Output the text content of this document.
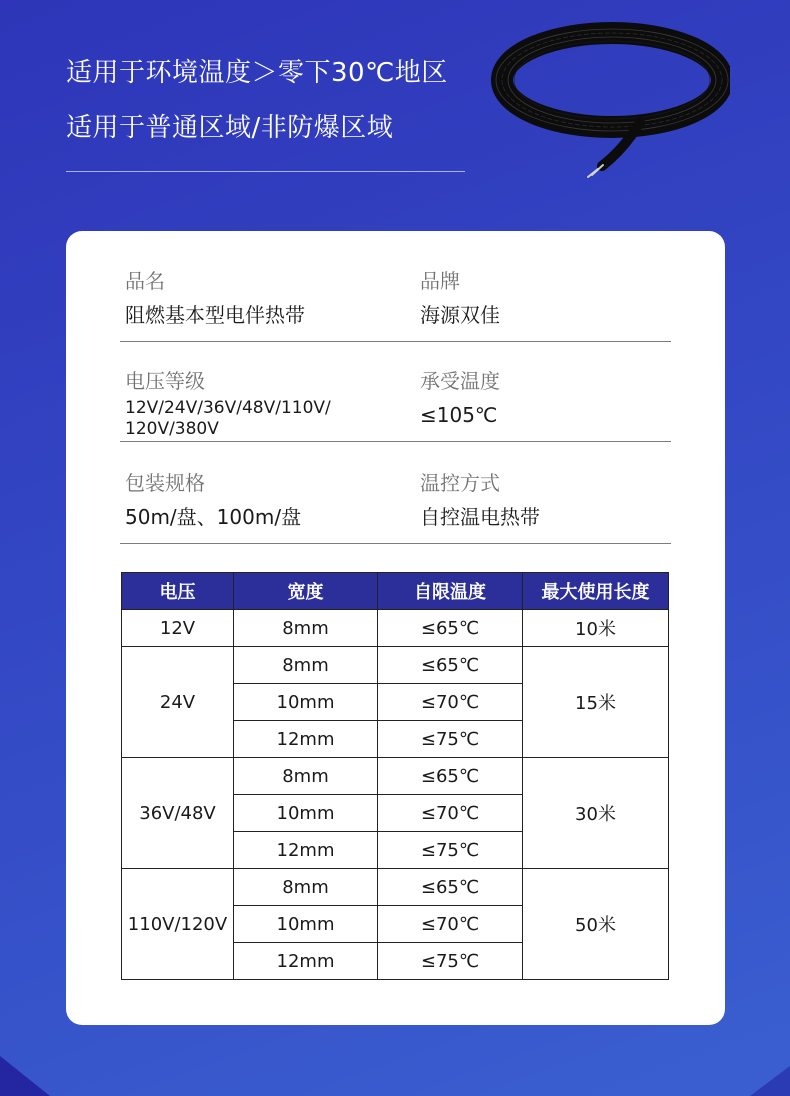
适用于环境温度＞零下30℃地区
适用于普通区域/非防爆区域
品名
阻燃基本型电伴热带
品牌
海源双佳
电压等级
12V/24V/36V/48V/110V/
120V/380V
承受温度
≤105℃
包装规格
50m/盘、100m/盘
温控方式
自控温电热带
电压	宽度	自限温度	最大使用长度
12V	8mm	≤65℃	10米
24V	8mm	≤65℃	15米
	10mm	≤70℃	
	12mm	≤75℃	
36V/48V	8mm	≤65℃	30米
	10mm	≤70℃	
	12mm	≤75℃	
110V/120V	8mm	≤65℃	50米
	10mm	≤70℃	
	12mm	≤75℃	
